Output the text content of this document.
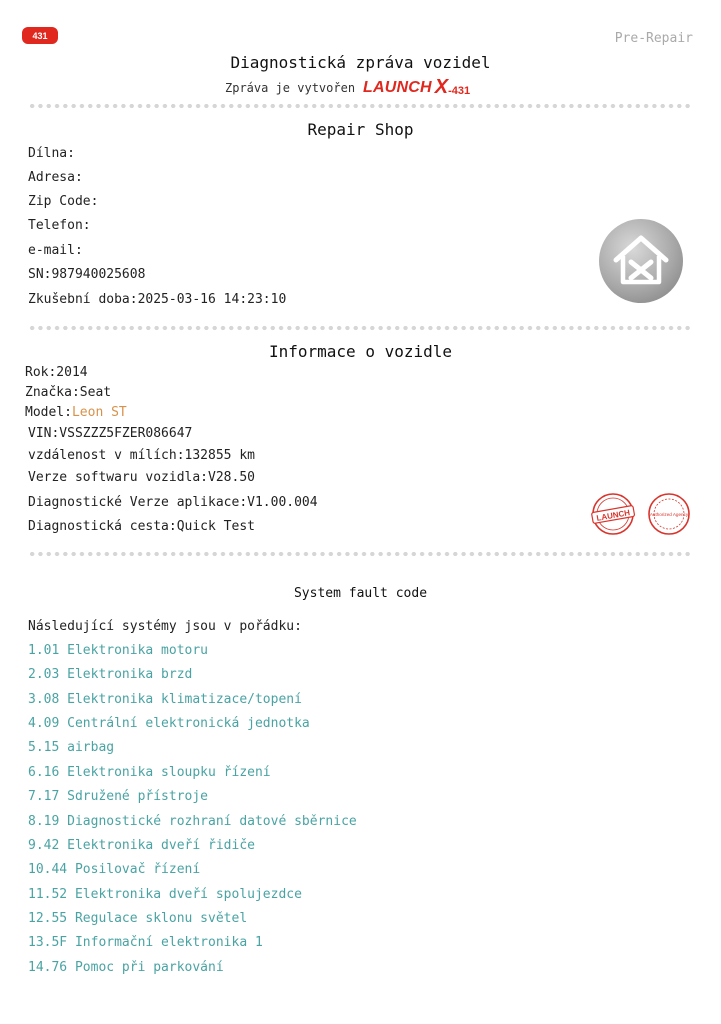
431	Pre-Repair
Diagnostická zpráva vozidel
Zpráva je vytvořen LAUNCH X -431
Repair Shop
Dílna:
Adresa:
Zip Code:
Telefon:
e-mail:
SN:987940025608
Zkušební doba:2025-03-16 14:23:10
Informace o vozidle
Rok:2014
Značka:Seat
Model:Leon ST
VIN:VSSZZZ5FZER086647
vzdálenost v mílích:132855 km
Verze softwaru vozidla:V28.50
Diagnostické Verze aplikace:V1.00.004
Diagnostická cesta:Quick Test
LAUNCH	Authorized Agency
System fault code
Následující systémy jsou v pořádku:
1.01 Elektronika motoru
2.03 Elektronika brzd
3.08 Elektronika klimatizace/topení
4.09 Centrální elektronická jednotka
5.15 airbag
6.16 Elektronika sloupku řízení
7.17 Sdružené přístroje
8.19 Diagnostické rozhraní datové sběrnice
9.42 Elektronika dveří řidiče
10.44 Posilovač řízení
11.52 Elektronika dveří spolujezdce
12.55 Regulace sklonu světel
13.5F Informační elektronika 1
14.76 Pomoc při parkování
